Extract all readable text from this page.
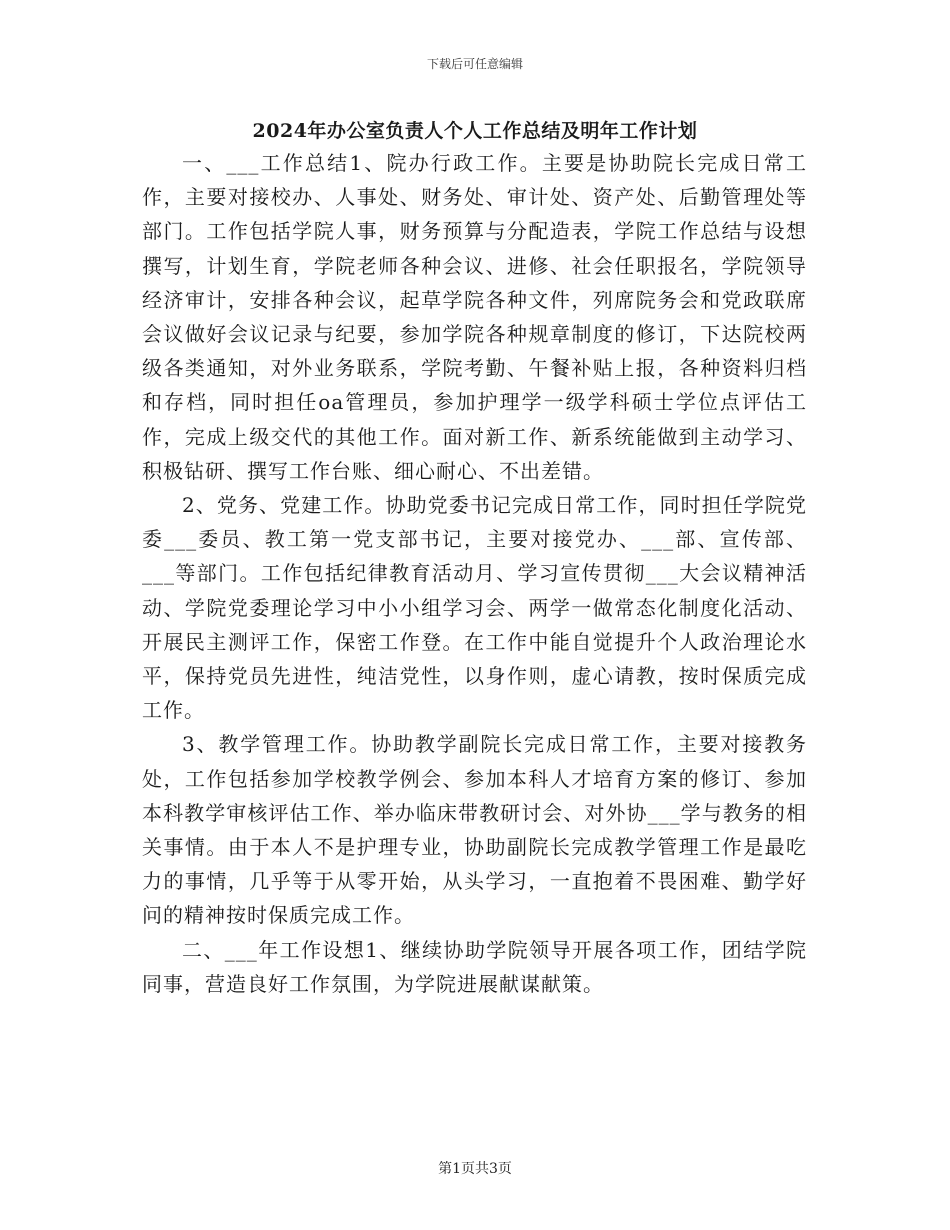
下载后可任意编辑
2024年办公室负责人个人工作总结及明年工作计划

一、___工作总结1、院办行政工作。主要是协助院长完成日常工作，主要对接校办、人事处、财务处、审计处、资产处、后勤管理处等部门。工作包括学院人事，财务预算与分配造表，学院工作总结与设想撰写，计划生育，学院老师各种会议、进修、社会任职报名，学院领导经济审计，安排各种会议，起草学院各种文件，列席院务会和党政联席会议做好会议记录与纪要，参加学院各种规章制度的修订，下达院校两级各类通知，对外业务联系，学院考勤、午餐补贴上报，各种资料归档和存档，同时担任oa管理员，参加护理学一级学科硕士学位点评估工作，完成上级交代的其他工作。面对新工作、新系统能做到主动学习、积极钻研、撰写工作台账、细心耐心、不出差错。

2、党务、党建工作。协助党委书记完成日常工作，同时担任学院党委___委员、教工第一党支部书记，主要对接党办、___部、宣传部、___等部门。工作包括纪律教育活动月、学习宣传贯彻___大会议精神活动、学院党委理论学习中小小组学习会、两学一做常态化制度化活动、开展民主测评工作，保密工作登。在工作中能自觉提升个人政治理论水平，保持党员先进性，纯洁党性，以身作则，虚心请教，按时保质完成工作。

3、教学管理工作。协助教学副院长完成日常工作，主要对接教务处，工作包括参加学校教学例会、参加本科人才培育方案的修订、参加本科教学审核评估工作、举办临床带教研讨会、对外协___学与教务的相关事情。由于本人不是护理专业，协助副院长完成教学管理工作是最吃力的事情，几乎等于从零开始，从头学习，一直抱着不畏困难、勤学好问的精神按时保质完成工作。

二、___年工作设想1、继续协助学院领导开展各项工作，团结学院同事，营造良好工作氛围，为学院进展献谋献策。

第1页共3页
